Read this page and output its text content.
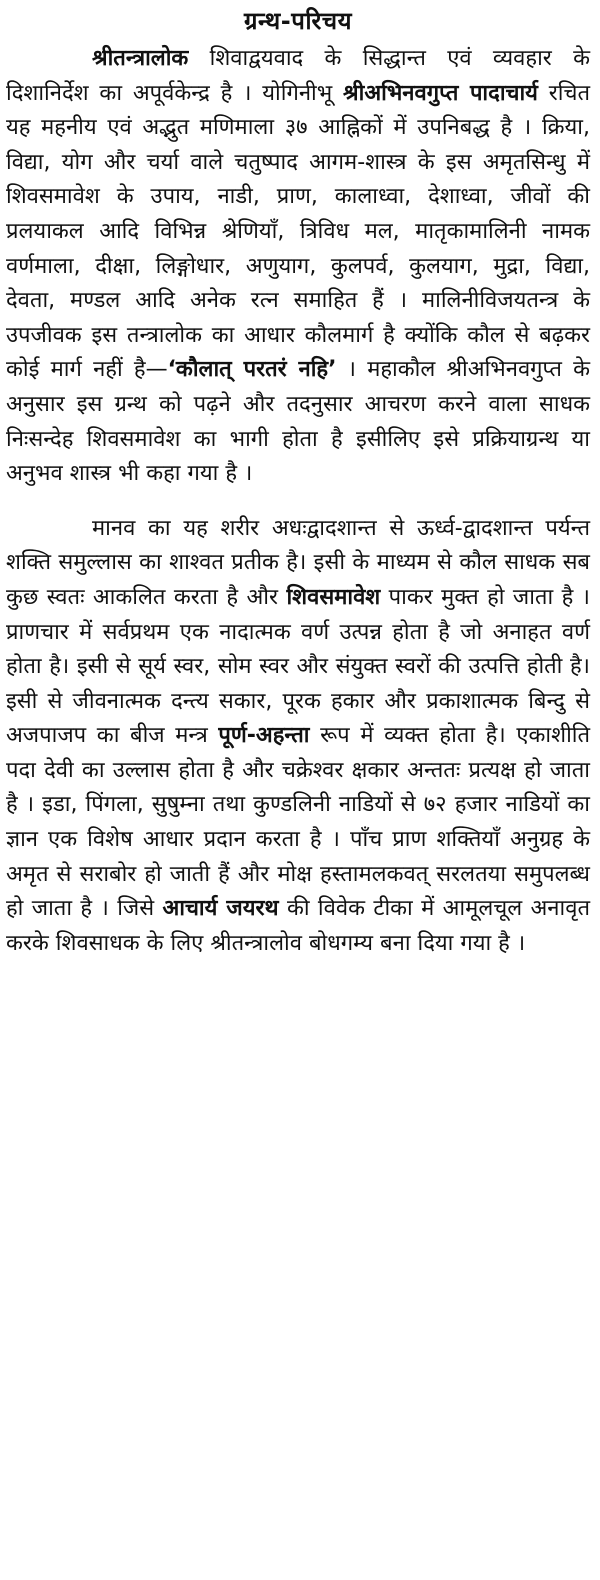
ग्रन्थ-परिचय

श्रीतन्त्रालोक शिवाद्वयवाद के सिद्धान्त एवं व्यवहार के दिशानिर्देश का अपूर्वकेन्द्र है । योगिनीभू श्रीअभिनवगुप्त पादाचार्य रचित यह महनीय एवं अद्भुत मणिमाला ३७ आह्निकों में उपनिबद्ध है । क्रिया, विद्या, योग और चर्या वाले चतुष्पाद आगम-शास्त्र के इस अमृतसिन्धु में शिवसमावेश के उपाय, नाडी, प्राण, कालाध्वा, देशाध्वा, जीवों की प्रलयाकल आदि विभिन्न श्रेणियाँ, त्रिविध मल, मातृकामालिनी नामक वर्णमाला, दीक्षा, लिङ्गोधार, अणुयाग, कुलपर्व, कुलयाग, मुद्रा, विद्या, देवता, मण्डल आदि अनेक रत्न समाहित हैं । मालिनीविजयतन्त्र के उपजीवक इस तन्त्रालोक का आधार कौलमार्ग है क्योंकि कौल से बढ़कर कोई मार्ग नहीं है—‘कौलात् परतरं नहि’ । महाकौल श्रीअभिनवगुप्त के अनुसार इस ग्रन्थ को पढ़ने और तदनुसार आचरण करने वाला साधक निःसन्देह शिवसमावेश का भागी होता है इसीलिए इसे प्रक्रियाग्रन्थ या अनुभव शास्त्र भी कहा गया है ।

मानव का यह शरीर अधःद्वादशान्त से ऊर्ध्व-द्वादशान्त पर्यन्त शक्ति समुल्लास का शाश्वत प्रतीक है। इसी के माध्यम से कौल साधक सब कुछ स्वतः आकलित करता है और शिवसमावेश पाकर मुक्त हो जाता है । प्राणचार में सर्वप्रथम एक नादात्मक वर्ण उत्पन्न होता है जो अनाहत वर्ण होता है। इसी से सूर्य स्वर, सोम स्वर और संयुक्त स्वरों की उत्पत्ति होती है। इसी से जीवनात्मक दन्त्य सकार, पूरक हकार और प्रकाशात्मक बिन्दु से अजपाजप का बीज मन्त्र पूर्ण-अहन्ता रूप में व्यक्त होता है। एकाशीति पदा देवी का उल्लास होता है और चक्रेश्वर क्षकार अन्ततः प्रत्यक्ष हो जाता है । इडा, पिंगला, सुषुम्ना तथा कुण्डलिनी नाडियों से ७२ हजार नाडियों का ज्ञान एक विशेष आधार प्रदान करता है । पाँच प्राण शक्तियाँ अनुग्रह के अमृत से सराबोर हो जाती हैं और मोक्ष हस्तामलकवत् सरलतया समुपलब्ध हो जाता है । जिसे आचार्य जयरथ की विवेक टीका में आमूलचूल अनावृत करके शिवसाधक के लिए श्रीतन्त्रालोव बोधगम्य बना दिया गया है ।
